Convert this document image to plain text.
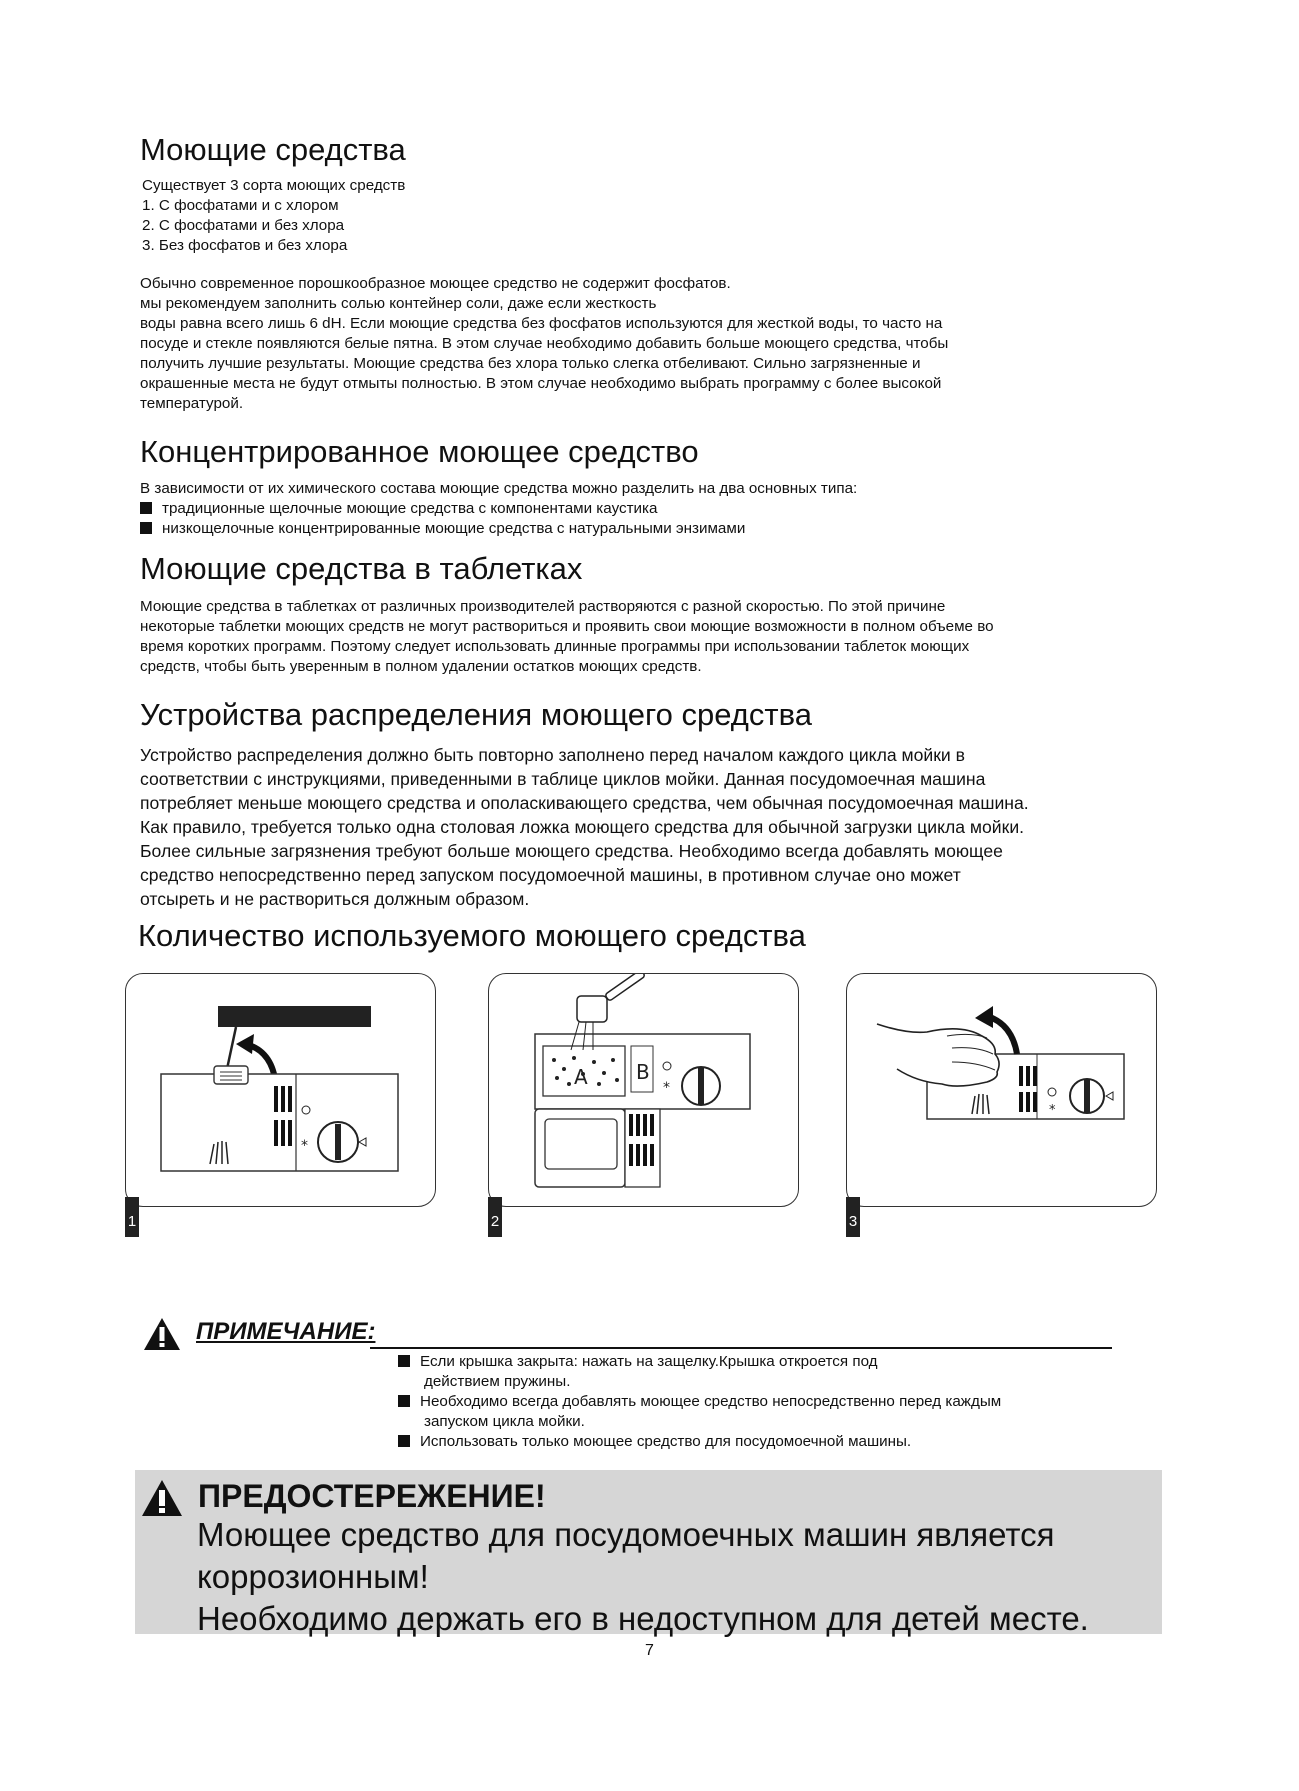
Моющие средства
Существует 3 сорта моющих средств
1. С фосфатами и с хлором
2. С фосфатами и без хлора
3. Без фосфатов и без хлора
Обычно современное порошкообразное моющее средство не содержит фосфатов.
мы рекомендуем заполнить солью контейнер соли, даже если жесткость
воды равна всего лишь 6 dH. Если моющие средства без фосфатов используются для жесткой воды, то часто на
посуде и стекле появляются белые пятна. В этом случае необходимо добавить больше моющего средства, чтобы
получить лучшие результаты. Моющие средства без хлора только слегка отбеливают. Сильно загрязненные и
окрашенные места не будут отмыты полностью. В этом случае необходимо выбрать программу с более высокой
температурой.
Концентрированное моющее средство
В зависимости от их химического состава моющие средства можно разделить на два основных типа:
традиционные щелочные моющие средства с компонентами каустика
низкощелочные концентрированные моющие средства с натуральными энзимами
Моющие средства в таблетках
Моющие средства в таблетках от различных производителей растворяются с разной скоростью. По этой причине
некоторые таблетки моющих средств не могут раствориться и проявить свои моющие возможности в полном объеме во
время коротких программ. Поэтому следует использовать длинные программы при использовании таблеток моющих
средств, чтобы быть уверенным в полном удалении остатков моющих средств.
Устройства распределения моющего средства
Устройство распределения должно быть повторно заполнено перед началом каждого цикла мойки в
соответствии с инструкциями, приведенными в таблице циклов мойки. Данная посудомоечная машина
потребляет меньше моющего средства и ополаскивающего средства, чем обычная посудомоечная машина.
Как правило, требуется только одна столовая ложка моющего средства для обычной загрузки цикла мойки.
Более сильные загрязнения требуют больше моющего средства. Необходимо всегда добавлять моющее
средство непосредственно перед запуском посудомоечной машины, в противном случае оно может
отсыреть и не раствориться должным образом.
Количество используемого моющего средства
*
1
B
A	*
2
*
3
ПРИМЕЧАНИЕ:
Если крышка закрыта: нажать на защелку.Крышка откроется под
действием пружины.
Необходимо всегда добавлять моющее средство непосредственно перед каждым
запуском цикла мойки.
Использовать только моющее средство для посудомоечной машины.
ПРЕДОСТЕРЕЖЕНИЕ!
Моющее средство для посудомоечных машин является
коррозионным!
Необходимо держать его в недоступном для детей месте.
7
